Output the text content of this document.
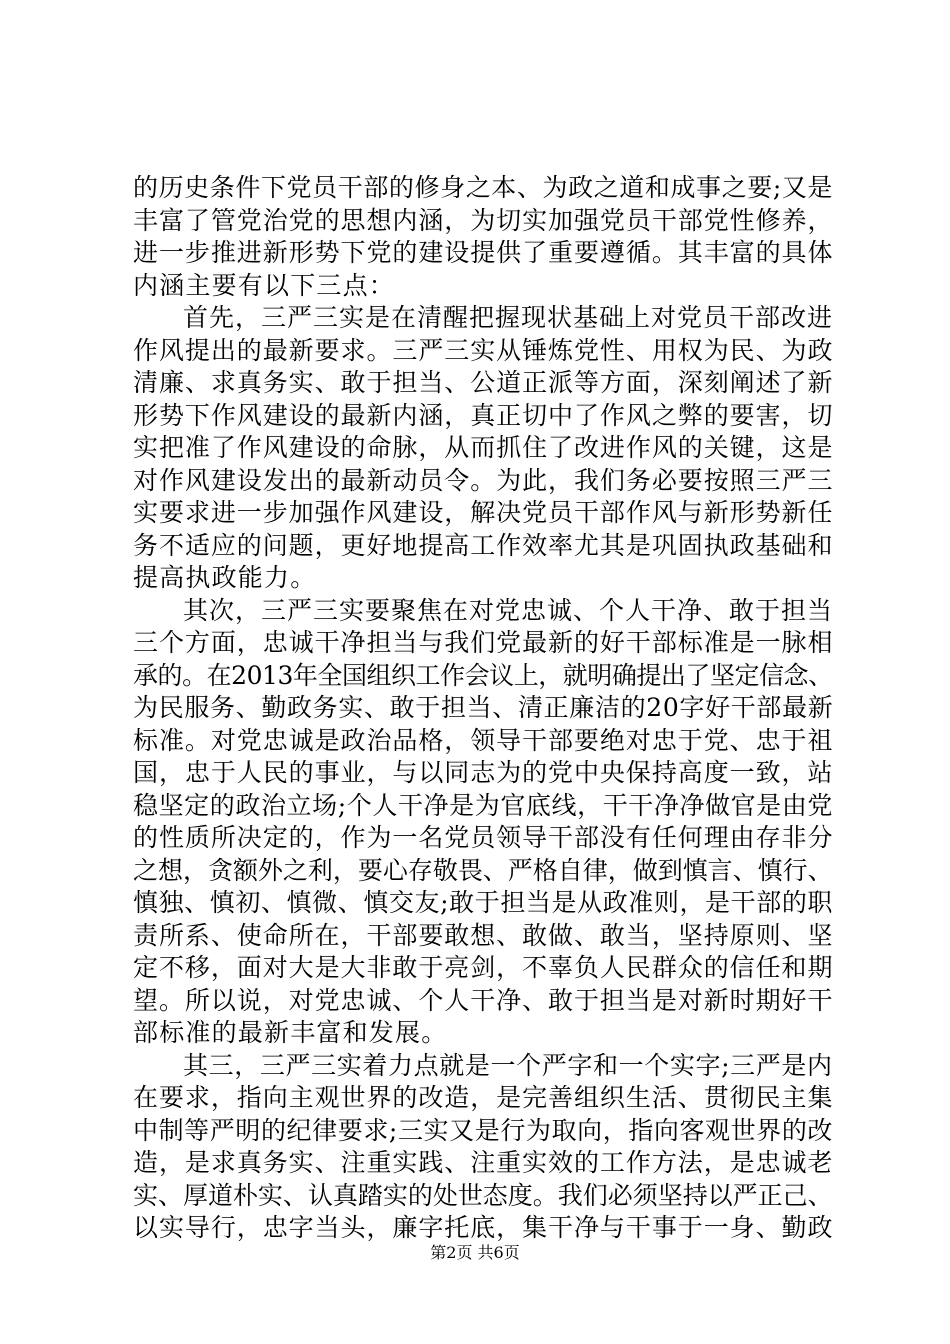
的历史条件下党员干部的修身之本、为政之道和成事之要;又是
丰富了管党治党的思想内涵，为切实加强党员干部党性修养，
进一步推进新形势下党的建设提供了重要遵循。其丰富的具体
内涵主要有以下三点：
首先，三严三实是在清醒把握现状基础上对党员干部改进
作风提出的最新要求。三严三实从锤炼党性、用权为民、为政
清廉、求真务实、敢于担当、公道正派等方面，深刻阐述了新
形势下作风建设的最新内涵，真正切中了作风之弊的要害，切
实把准了作风建设的命脉，从而抓住了改进作风的关键，这是
对作风建设发出的最新动员令。为此，我们务必要按照三严三
实要求进一步加强作风建设，解决党员干部作风与新形势新任
务不适应的问题，更好地提高工作效率尤其是巩固执政基础和
提高执政能力。
其次，三严三实要聚焦在对党忠诚、个人干净、敢于担当
三个方面，忠诚干净担当与我们党最新的好干部标准是一脉相
承的。在2013年全国组织工作会议上，就明确提出了坚定信念、
为民服务、勤政务实、敢于担当、清正廉洁的20字好干部最新
标准。对党忠诚是政治品格，领导干部要绝对忠于党、忠于祖
国，忠于人民的事业，与以同志为的党中央保持高度一致，站
稳坚定的政治立场;个人干净是为官底线，干干净净做官是由党
的性质所决定的，作为一名党员领导干部没有任何理由存非分
之想，贪额外之利，要心存敬畏、严格自律，做到慎言、慎行、
慎独、慎初、慎微、慎交友;敢于担当是从政准则，是干部的职
责所系、使命所在，干部要敢想、敢做、敢当，坚持原则、坚
定不移，面对大是大非敢于亮剑，不辜负人民群众的信任和期
望。所以说，对党忠诚、个人干净、敢于担当是对新时期好干
部标准的最新丰富和发展。
其三，三严三实着力点就是一个严字和一个实字;三严是内
在要求，指向主观世界的改造，是完善组织生活、贯彻民主集
中制等严明的纪律要求;三实又是行为取向，指向客观世界的改
造，是求真务实、注重实践、注重实效的工作方法，是忠诚老
实、厚道朴实、认真踏实的处世态度。我们必须坚持以严正己、
以实导行，忠字当头，廉字托底，集干净与干事于一身、勤政
第2页 共6页
